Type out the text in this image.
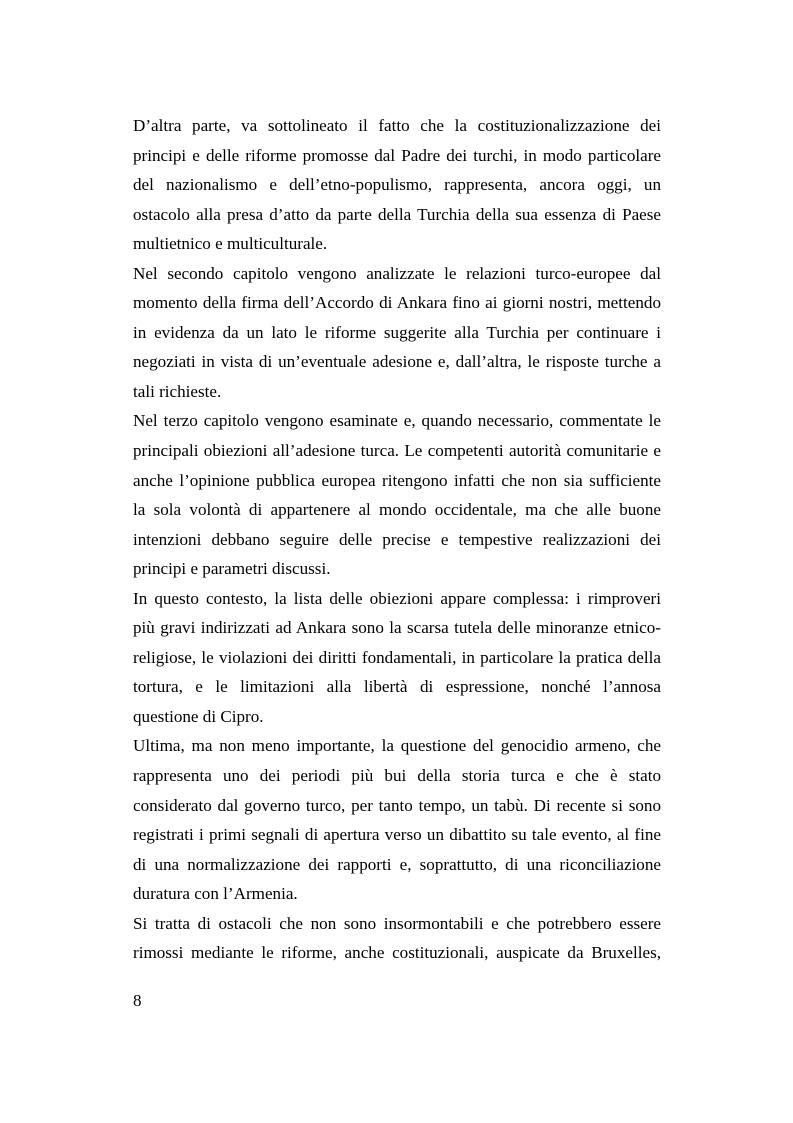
D’altra parte, va sottolineato il fatto che la costituzionalizzazione dei
principi e delle riforme promosse dal Padre dei turchi, in modo particolare
del nazionalismo e dell’etno-populismo, rappresenta, ancora oggi, un
ostacolo alla presa d’atto da parte della Turchia della sua essenza di Paese
multietnico e multiculturale.
Nel secondo capitolo vengono analizzate le relazioni turco-europee dal
momento della firma dell’Accordo di Ankara fino ai giorni nostri, mettendo
in evidenza da un lato le riforme suggerite alla Turchia per continuare i
negoziati in vista di un’eventuale adesione e, dall’altra, le risposte turche a
tali richieste.
Nel terzo capitolo vengono esaminate e, quando necessario, commentate le
principali obiezioni all’adesione turca. Le competenti autorità comunitarie e
anche l’opinione pubblica europea ritengono infatti che non sia sufficiente
la sola volontà di appartenere al mondo occidentale, ma che alle buone
intenzioni debbano seguire delle precise e tempestive realizzazioni dei
principi e parametri discussi.
In questo contesto, la lista delle obiezioni appare complessa: i rimproveri
più gravi indirizzati ad Ankara sono la scarsa tutela delle minoranze etnico-
religiose, le violazioni dei diritti fondamentali, in particolare la pratica della
tortura, e le limitazioni alla libertà di espressione, nonché l’annosa
questione di Cipro.
Ultima, ma non meno importante, la questione del genocidio armeno, che
rappresenta uno dei periodi più bui della storia turca e che è stato
considerato dal governo turco, per tanto tempo, un tabù. Di recente si sono
registrati i primi segnali di apertura verso un dibattito su tale evento, al fine
di una normalizzazione dei rapporti e, soprattutto, di una riconciliazione
duratura con l’Armenia.
Si tratta di ostacoli che non sono insormontabili e che potrebbero essere
rimossi mediante le riforme, anche costituzionali, auspicate da Bruxelles,
8
